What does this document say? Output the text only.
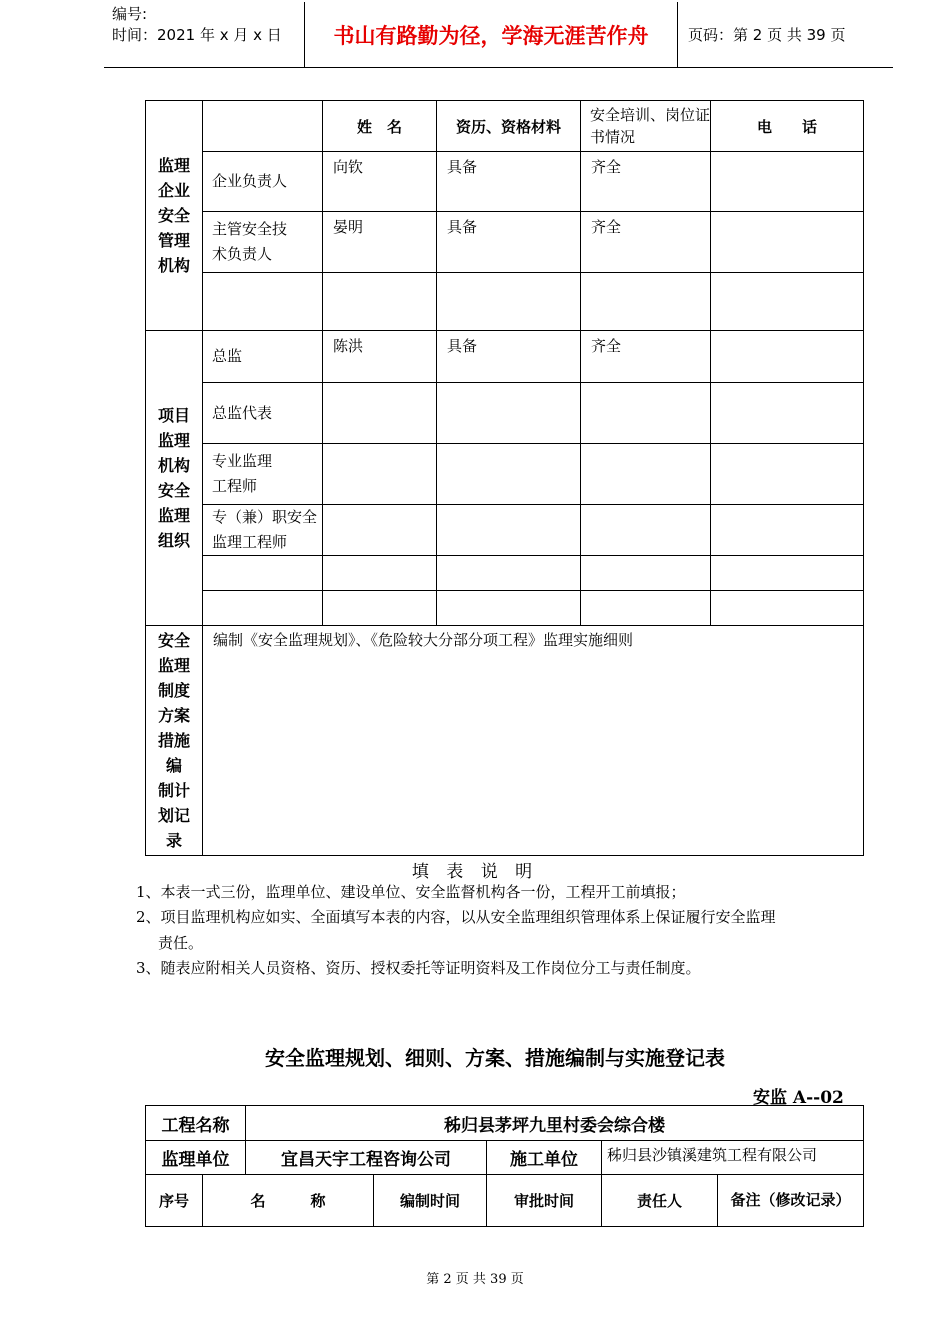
编号:
时间：2021 年 x 月 x 日	书山有路勤为径，学海无涯苦作舟	页码：第 2 页 共 39 页
监理企业安全管理机构		姓　名	资历、资格材料	安全培训、岗位证书情况	电　　话
	企业负责人	向钦	具备	齐全	
	主管安全技术负责人	晏明	具备	齐全	

项目监理机构安全监理组织	总监	陈洪	具备	齐全	
	总监代表				
	专业监理工程师				
	专（兼）职安全监理工程师				

安全监理制度方案措施编 制计 划记录	编制《安全监理规划》、《危险较大分部分项工程》监理实施细则				
填 表 说 明
1、本表一式三份，监理单位、建设单位、安全监督机构各一份，工程开工前填报；
2、项目监理机构应如实、全面填写本表的内容，以从安全监理组织管理体系上保证履行安全监理
责任。
3、随表应附相关人员资格、资历、授权委托等证明资料及工作岗位分工与责任制度。
安全监理规划、细则、方案、措施编制与实施登记表
安监 A--02
工程名称		秭归县茅坪九里村委会综合楼				
监理单位		宜昌天宇工程咨询公司		施工单位	秭归县沙镇溪建筑工程有限公司	
序号	名　　　称		编制时间	审批时间	责任人	备注（修改记录）
第 2 页 共 39 页
